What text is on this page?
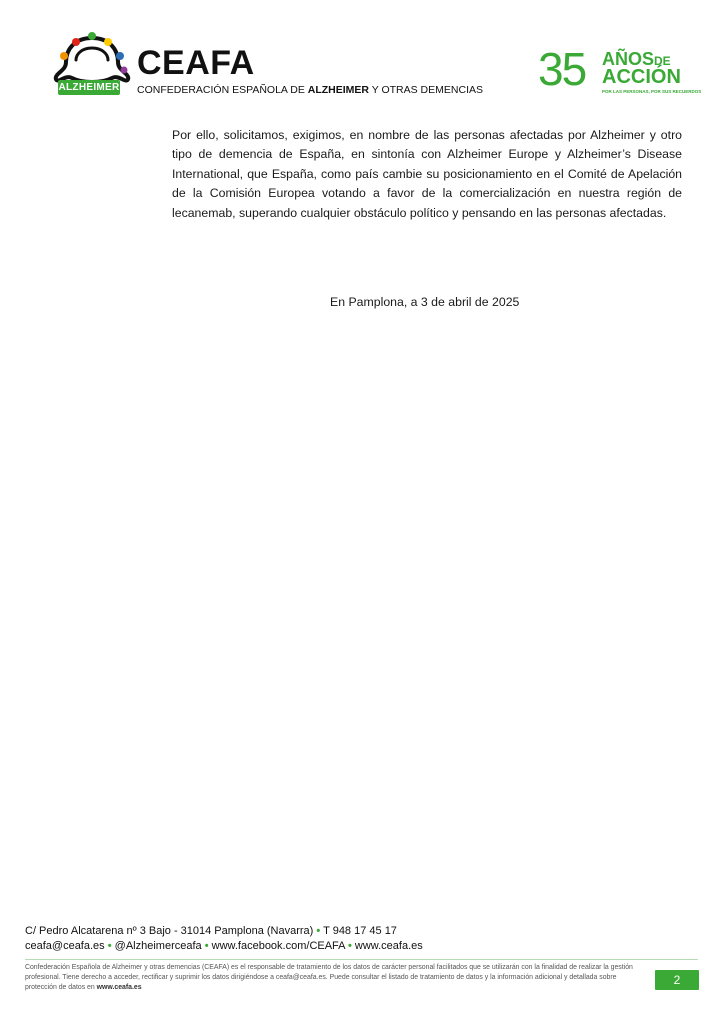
ALZHEIMER
CEAFA
CONFEDERACIÓN ESPAÑOLA DE ALZHEIMER Y OTRAS DEMENCIAS 35 AÑOSDE
ACCIÓN
POR LAS PERSONAS, POR SUS RECUERDOS

Por ello, solicitamos, exigimos, en nombre de las personas afectadas por Alzheimer y otro tipo de demencia de España, en sintonía con Alzheimer Europe y Alzheimer’s Disease International, que España, como país cambie su posicionamiento en el Comité de Apelación de la Comisión Europea votando a favor de la comercialización en nuestra región de lecanemab, superando cualquier obstáculo político y pensando en las personas afectadas.

En Pamplona, a 3 de abril de 2025
C/ Pedro Alcatarena nº 3 Bajo - 31014 Pamplona (Navarra) • T 948 17 45 17
ceafa@ceafa.es • @Alzheimerceafa • www.facebook.com/CEAFA • www.ceafa.es

Confederación Española de Alzheimer y otras demencias (CEAFA) es el responsable de tratamiento de los datos de carácter personal facilitados que se utilizarán con la finalidad de realizar la gestión profesional. Tiene derecho a acceder, rectificar y suprimir los datos dirigiéndose a ceafa@ceafa.es. Puede consultar el listado de tratamiento de datos y la información adicional y detallada sobre protección de datos en www.ceafa.es

2
